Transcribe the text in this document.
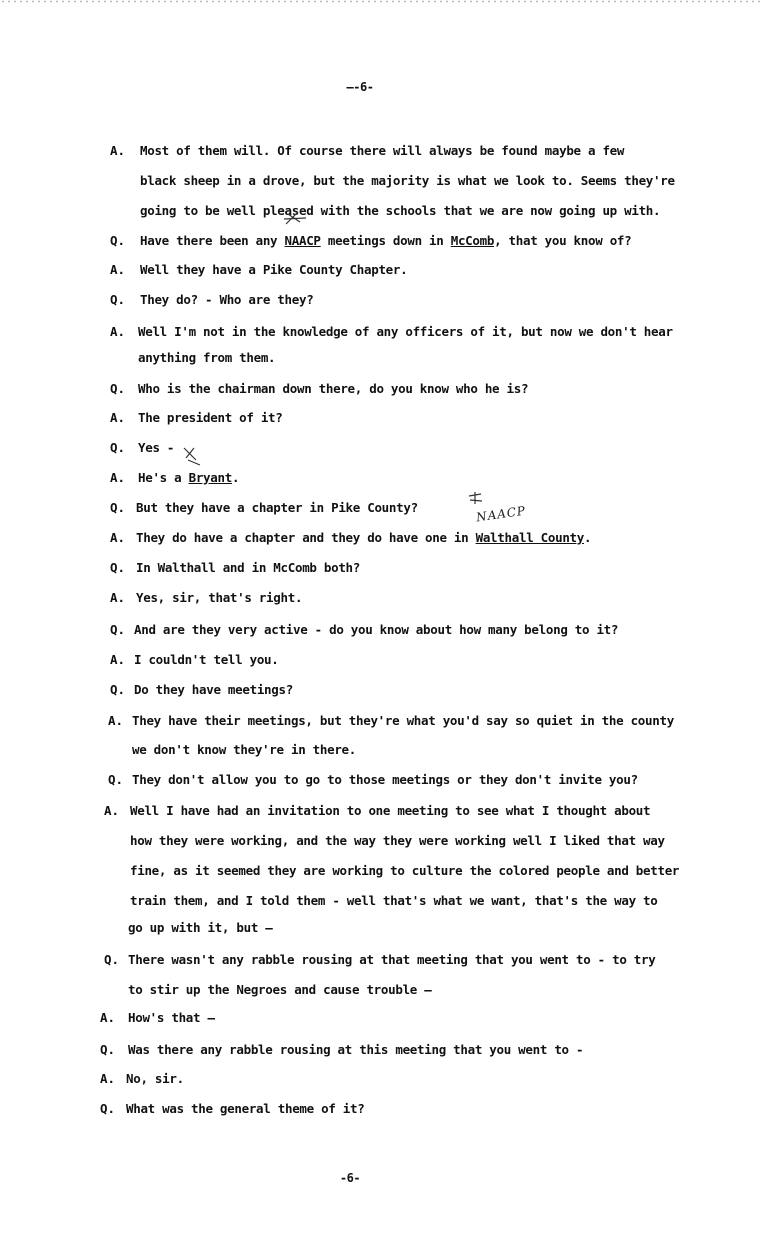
—-6-
A. Most of them will. Of course there will always be found maybe a few
black sheep in a drove, but the majority is what we look to. Seems they're
going to be well pleased with the schools that we are now going up with.
Q. Have there been any NAACP meetings down in McComb, that you know of?
A. Well they have a Pike County Chapter.
Q. They do? - Who are they?
A. Well I'm not in the knowledge of any officers of it, but now we don't hear
anything from them.
Q. Who is the chairman down there, do you know who he is?
A. The president of it?
Q. Yes -
A. He's a Bryant.
Q. But they have a chapter in Pike County?
A. They do have a chapter and they do have one in Walthall County.
Q. In Walthall and in McComb both?
A. Yes, sir, that's right.
Q. And are they very active - do you know about how many belong to it?
A. I couldn't tell you.
Q. Do they have meetings?
A. They have their meetings, but they're what you'd say so quiet in the county
we don't know they're in there.
Q. They don't allow you to go to those meetings or they don't invite you?
A. Well I have had an invitation to one meeting to see what I thought about
how they were working, and the way they were working well I liked that way
fine, as it seemed they are working to culture the colored people and better
train them, and I told them - well that's what we want, that's the way to
go up with it, but —
Q. There wasn't any rabble rousing at that meeting that you went to - to try
to stir up the Negroes and cause trouble —
A. How's that —
Q. Was there any rabble rousing at this meeting that you went to -
A. No, sir.
Q. What was the general theme of it?
NAACP
-6-
